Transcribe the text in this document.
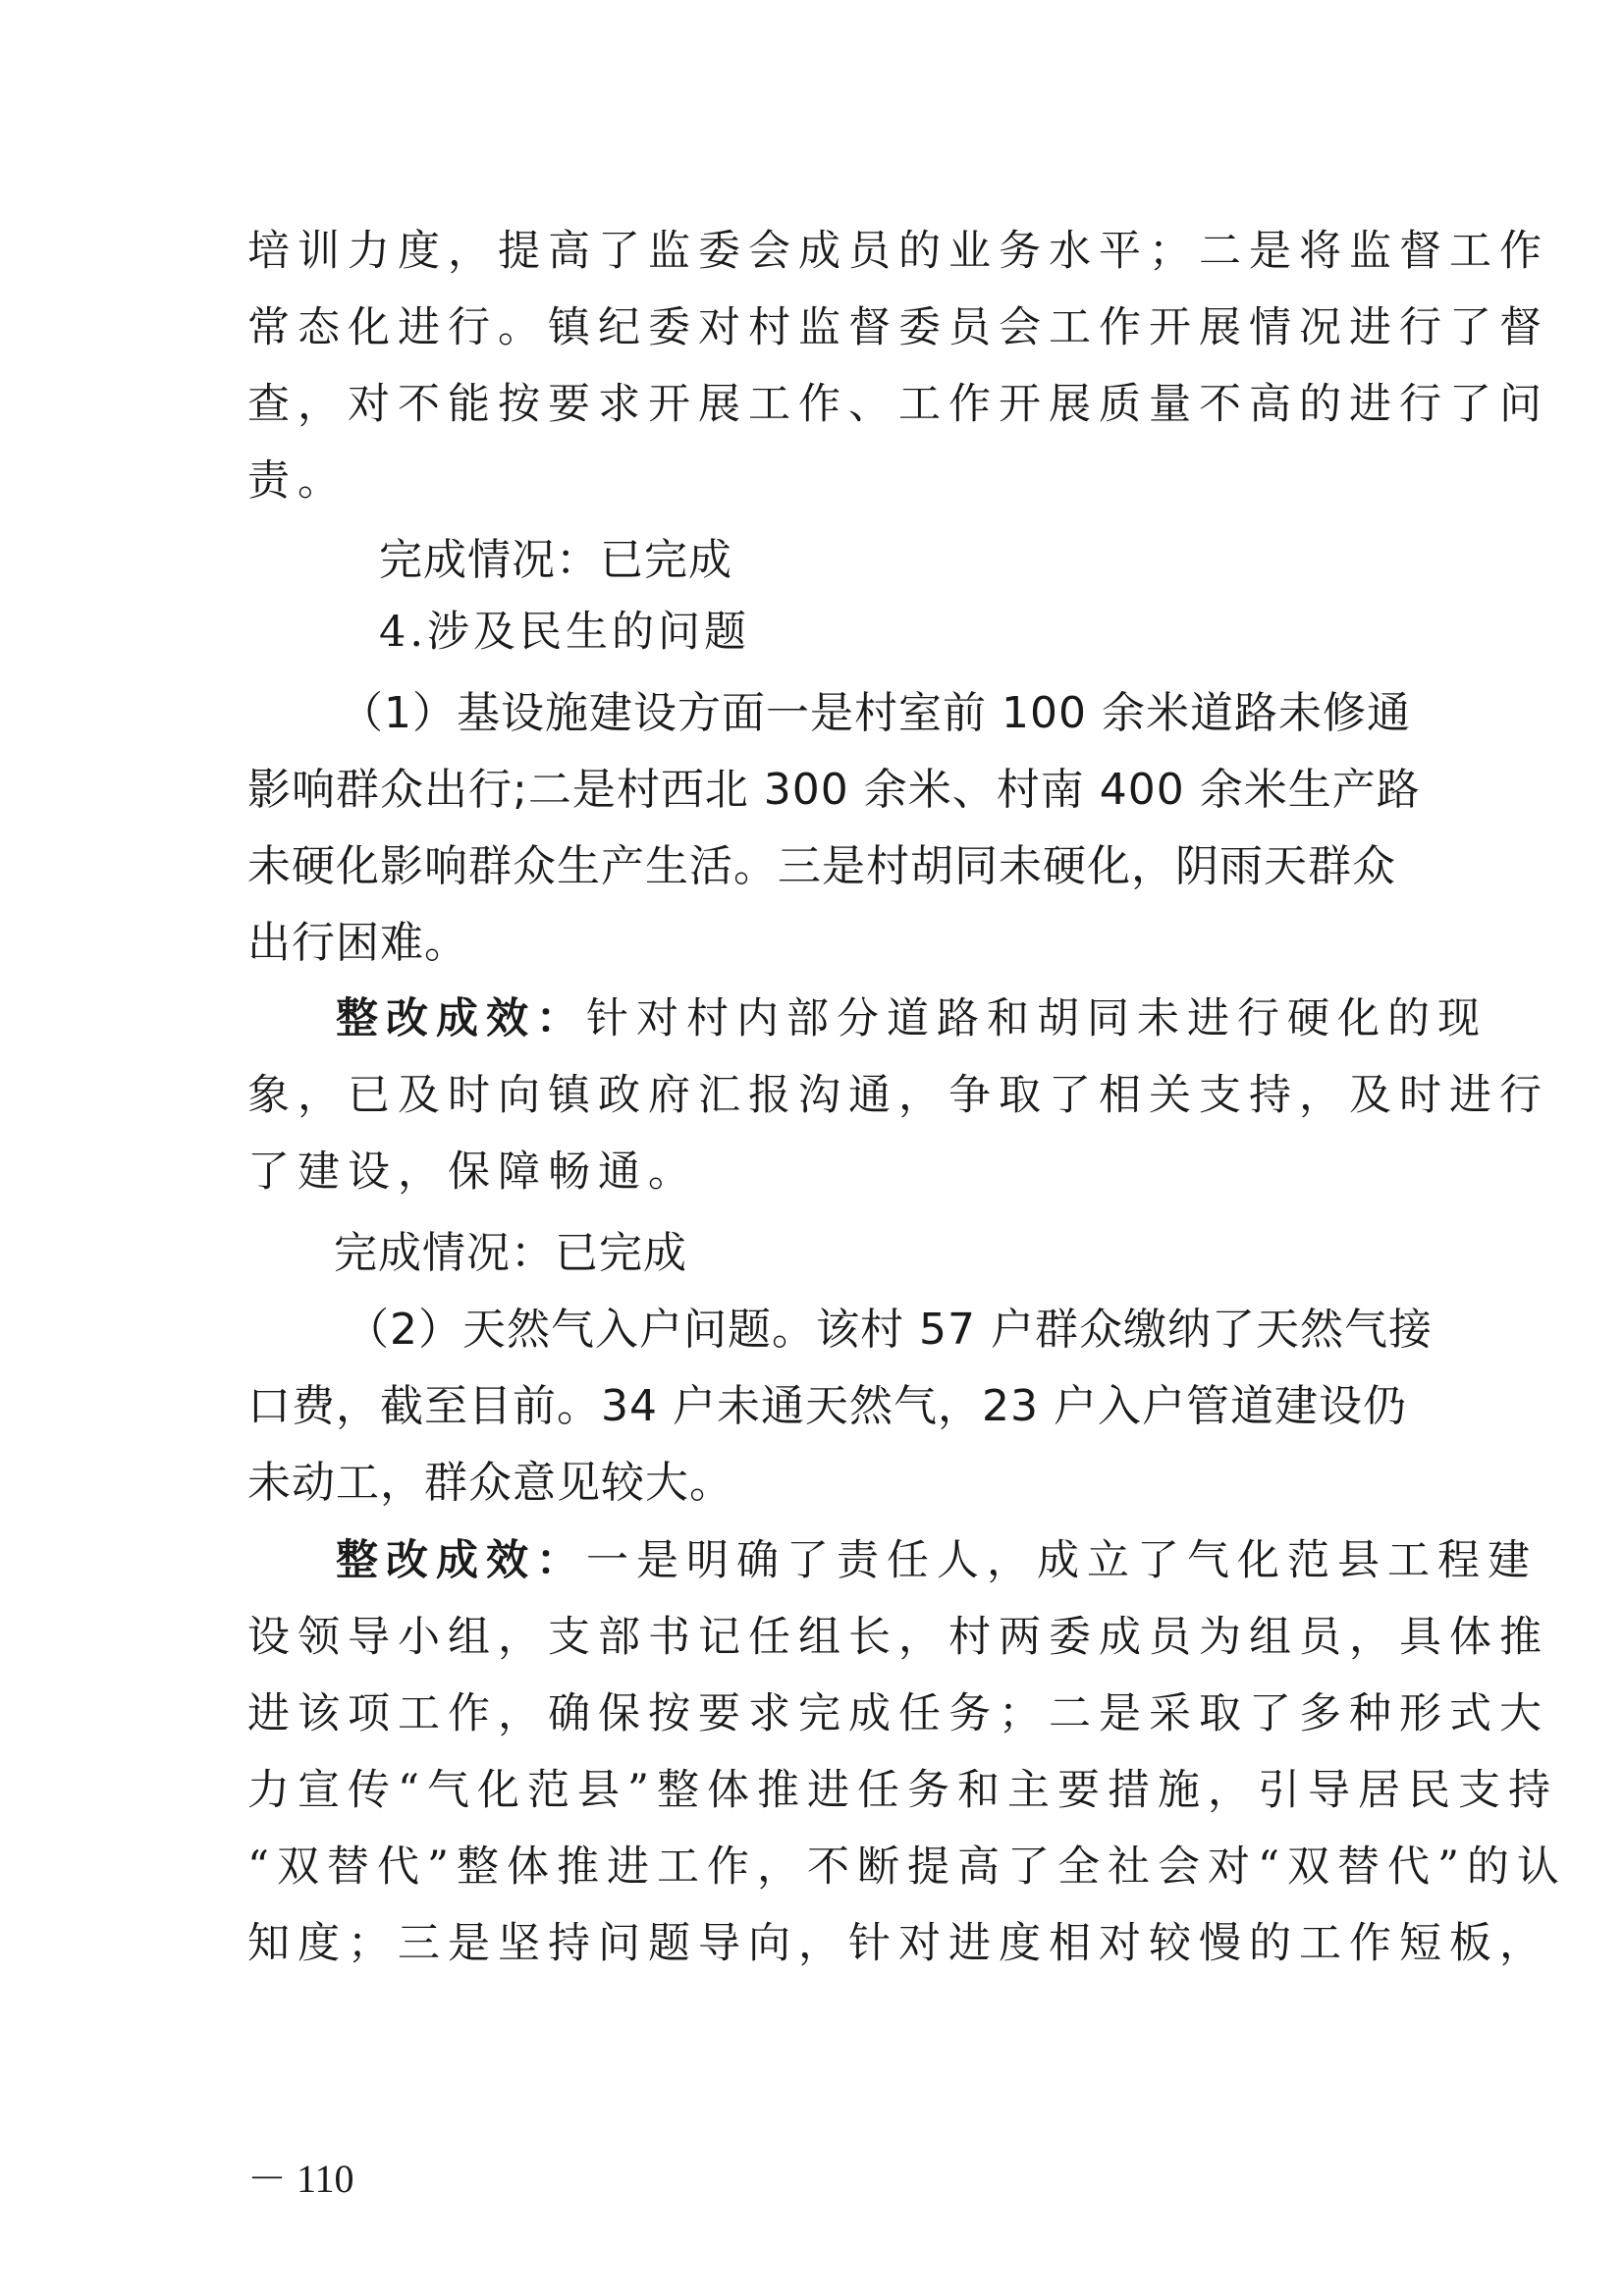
培训力度，提高了监委会成员的业务水平；二是将监督工作
常态化进行。镇纪委对村监督委员会工作开展情况进行了督
查，对不能按要求开展工作、工作开展质量不高的进行了问
责。
完成情况：已完成
4.涉及民生的问题
（1）基设施建设方面一是村室前 100 余米道路未修通
影响群众出行;二是村西北 300 余米、村南 400 余米生产路
未硬化影响群众生产生活。三是村胡同未硬化，阴雨天群众
出行困难。
整改成效：针对村内部分道路和胡同未进行硬化的现
象，已及时向镇政府汇报沟通，争取了相关支持，及时进行
了建设，保障畅通。
完成情况：已完成
（2）天然气入户问题。该村 57 户群众缴纳了天然气接
口费，截至目前。34 户未通天然气，23 户入户管道建设仍
未动工，群众意见较大。
整改成效：一是明确了责任人，成立了气化范县工程建
设领导小组，支部书记任组长，村两委成员为组员，具体推
进该项工作，确保按要求完成任务；二是采取了多种形式大
力宣传“气化范县”整体推进任务和主要措施，引导居民支持
“双替代”整体推进工作，不断提高了全社会对“双替代”的认
知度；三是坚持问题导向，针对进度相对较慢的工作短板，
－ 110
